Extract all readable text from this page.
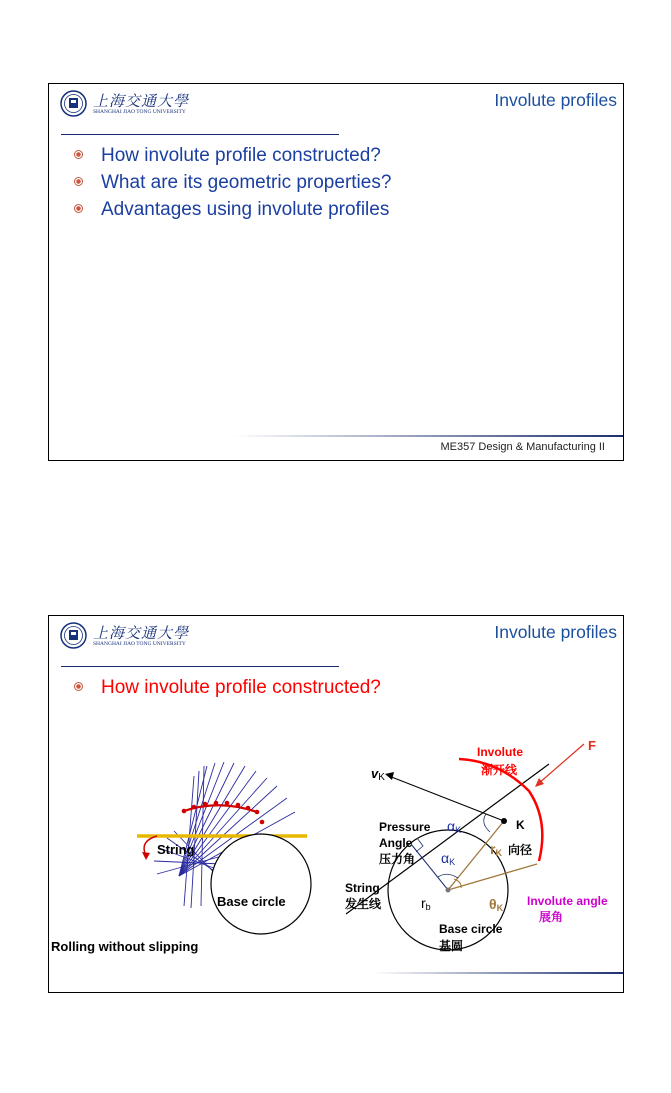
上海交通大學
SHANGHAI JIAO TONG UNIVERSITY
Involute profiles
How involute profile constructed?
What are its geometric properties?
Advantages using involute profiles
ME357 Design & Manufacturing II
上海交通大學
SHANGHAI JIAO TONG UNIVERSITY
Involute profiles
How involute profile constructed?
String
Base circle
Rolling without slipping
vK
Involute
渐开线
F
K
Pressure
Angle
压力角
αK
rK 向径
String
发生线
αK
rb	θK Involute angle
展角
Base circle
基圆
